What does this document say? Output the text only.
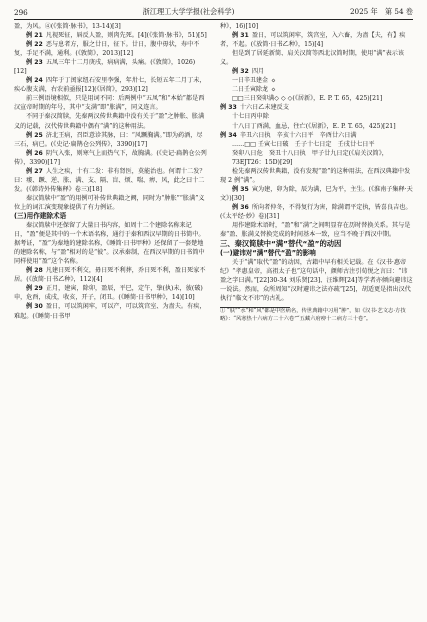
296	浙江理工大学学报(社会科学)	2025 年　第 54 卷

盈，为风。④(《张简·脉书》，13-14)[3]

例 21 凡视死征，唇反人盈，则肉先死。[4](《张简·脉书》，51)[5]

例 22 恶与息者方，服之廿日，征下。廿日，腹中毋状，寿中不复，手足不满，通利。(《敦简》，2013)[12]

例 23 五凤三年十二月庚戌，病病满，头痛。(《敦简》，1026)[12]

例 24 四年于丁闰家纽石安里李强，年卅七，长短五年二月丁未，疾心腹支满，右农前亟报[12](《居简》，293)[12]

前三例语境相似，只是用词不同：后两例中“五凤”和“本始”都是西汉宣帝时期的年号，其中“支满”即“胀满”，同义连言。

不同于秦汉简牍，先秦两汉传世典籍中没有关于“盈”之肿胀、胀满义的记载，汉代传世典籍中偶有“满”的这种用法。

例 25 济北王病，召臣意诊其脉，曰：“风蹶胸满。”即为药酒，尽三石，病已。(《史记·扁鹊仓公列传》，3390)[17]

例 26 阴气入张，则寒气上而热气下，故胸满。(《史记·扁鹊仓公列传》，3390)[17]

例 27 人生之疾，十有二发：非有肾医，莫能治也。何谓十二发？曰：痿、蹶、逆、胀、满、支、隔、盲、烦、喘、痹、风，此之曰十二发。(《韩诗外传集释》卷三)[18]

秦汉简牍中“盈”的用例可补传世典籍之阙，同时为“肿胀”“胀满”义位上的词汇演变现象提供了有力例证。

(三)用作建除术语

秦汉简牍中还保留了大量日书内容，如周十二个建除名称来记日，“盈”便是其中的一个术语名称，通行于秦和西汉早期的日书简中。据考证，“盈”为秦地的建除名称，《睡简·日书甲种》还保留了一套楚地的建除名称，与“盈”相对的是“彼”。汉承秦制，在西汉早期的日书简中同样使用“盈”这个名称。

例 28 凡建日死不利交，毋日死不利葬，乔日死不利，盈日死家不居。(《放简·日书乙种》，112)[4]

例 29 正月，建寅，除卯，盈辰，平巳，定午，挚(执)未，彼(破)申，危酉，成戌，收亥，开子，闭丑。(《睡简·日书甲种》，14)[10]

例 30 盈日，可以筑闲牢，可以产，可以筑宫室、为啬夫。有疾，难起。(《睡简·日书甲

种》，16)[10]

例 31 盈日，可以筑闲牢，筑宫室，入六畜，为啬【夫，有】疾者，不起。(《放简·日书乙种》，15)[4]

但是到了居延新简、肩关汉简等西北汉简时期，使用“满”表示该义。

例 32 四月

一日辛丑建金 ◇

二日壬寅除龙 ◇

□□三日癸卯满◇ ◇ ◇(《居新》，E. P. T. 65，425)[21]

例 33 十六日乙未建反支

十七日丙申除

十八日丁酉满，血忌，往亡(《居新》，E. P. T. 65，425)[21]

例 34 辛丑六日执　辛亥十六日平　辛酉廿六日满

……□□ 壬寅七日破　壬子十七日定　壬戌廿七日平

癸卯八日危　癸丑十八日执　甲子廿九日定(《肩关汉简》，73EJT26：15D)[29]

检先秦两汉传世典籍，没有发现“盈”的这种用法，在西汉典籍中发现 2 例“满”。

例 35 寅为建，卯为除，辰为满，巳为平，主生。(《淮南子集释·天文》)[30]

例 36 所向者仲冬，不得复行为害，除满谓平定执，皆喜良吉也。(《太平经·妙》卷)[31]

用作建除术语时，“盈”和“满”之间明显存在历时替换关系。其与是秦“盈、胀满义替换完成的时间基本一致，应当不晚于西汉中期。

三、秦汉简牍中“满”替代“盈”的动因

(一)避讳对“满”替代“盈”的影响

关于“满”取代“盈”的动因，古籍中早有相关记载。在《汉书·惠帝纪》“孝惠皇帝，高祖太子也”这句话中，颜师古注引荀悦之言曰：“讳盈之字曰满。”[22]30-34 刘乐贤[23]、汪维辉[24]等学者亦倾向避讳这一说法。然而，众所周知“汉时避讳之法亦疏”[25]，胡适更是指出汉代执行“临文不讳”的古礼。

① “肤”“水”和“风”都是中医病名，传世典籍中习用“肿”，如《汉书·艺文志·方技略》：“风寒热十六病方二十六卷”“五藏六府痹十二病方三十卷”。
